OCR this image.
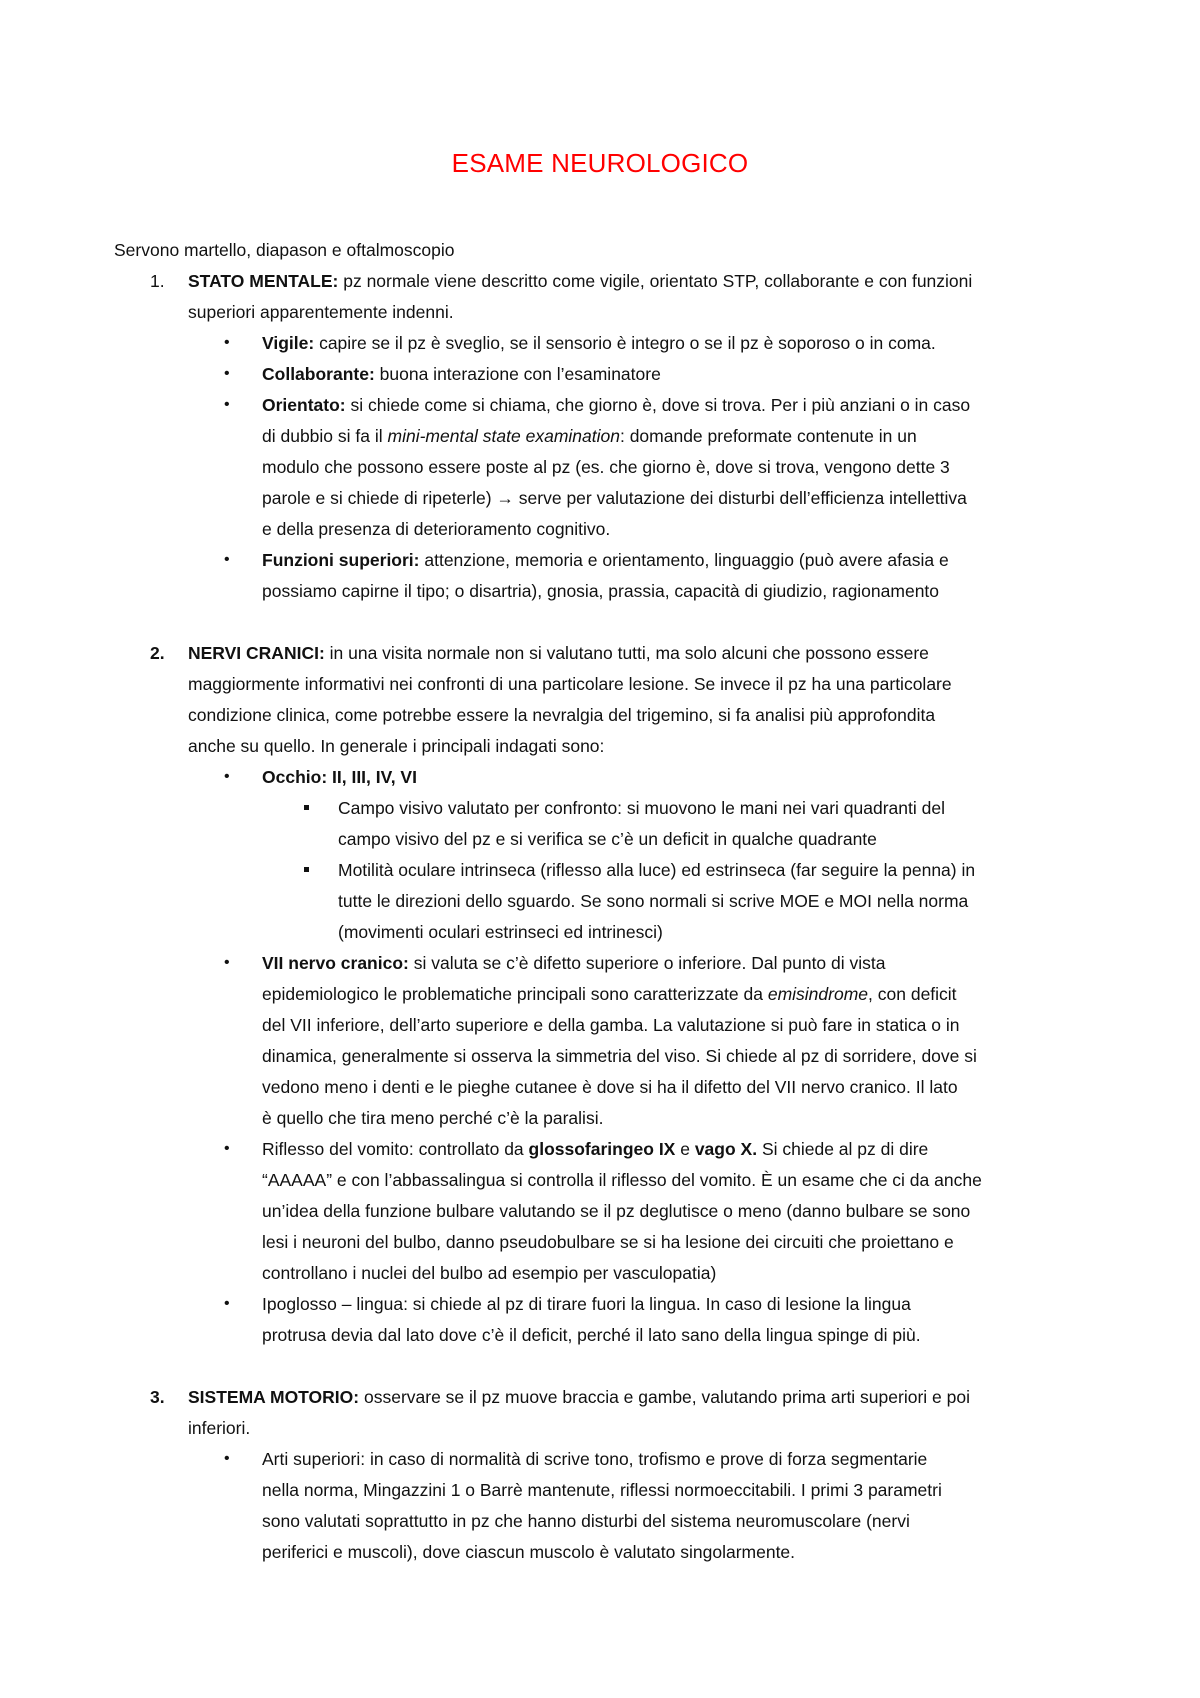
ESAME NEUROLOGICO
Servono martello, diapason e oftalmoscopio
1. STATO MENTALE: pz normale viene descritto come vigile, orientato STP, collaborante e con funzioni
superiori apparentemente indenni.
• Vigile: capire se il pz è sveglio, se il sensorio è integro o se il pz è soporoso o in coma.
• Collaborante: buona interazione con l’esaminatore
• Orientato: si chiede come si chiama, che giorno è, dove si trova. Per i più anziani o in caso
di dubbio si fa il mini-mental state examination: domande preformate contenute in un
modulo che possono essere poste al pz (es. che giorno è, dove si trova, vengono dette 3
parole e si chiede di ripeterle) → serve per valutazione dei disturbi dell’efficienza intellettiva
e della presenza di deterioramento cognitivo.
• Funzioni superiori: attenzione, memoria e orientamento, linguaggio (può avere afasia e
possiamo capirne il tipo; o disartria), gnosia, prassia, capacità di giudizio, ragionamento
2. NERVI CRANICI: in una visita normale non si valutano tutti, ma solo alcuni che possono essere
maggiormente informativi nei confronti di una particolare lesione. Se invece il pz ha una particolare
condizione clinica, come potrebbe essere la nevralgia del trigemino, si fa analisi più approfondita
anche su quello. In generale i principali indagati sono:
• Occhio: II, III, IV, VI
Campo visivo valutato per confronto: si muovono le mani nei vari quadranti del
campo visivo del pz e si verifica se c’è un deficit in qualche quadrante
Motilità oculare intrinseca (riflesso alla luce) ed estrinseca (far seguire la penna) in
tutte le direzioni dello sguardo. Se sono normali si scrive MOE e MOI nella norma
(movimenti oculari estrinseci ed intrinesci)
• VII nervo cranico: si valuta se c’è difetto superiore o inferiore. Dal punto di vista
epidemiologico le problematiche principali sono caratterizzate da emisindrome, con deficit
del VII inferiore, dell’arto superiore e della gamba. La valutazione si può fare in statica o in
dinamica, generalmente si osserva la simmetria del viso. Si chiede al pz di sorridere, dove si
vedono meno i denti e le pieghe cutanee è dove si ha il difetto del VII nervo cranico. Il lato
è quello che tira meno perché c’è la paralisi.
• Riflesso del vomito: controllato da glossofaringeo IX e vago X. Si chiede al pz di dire
“AAAAA” e con l’abbassalingua si controlla il riflesso del vomito. È un esame che ci da anche
un’idea della funzione bulbare valutando se il pz deglutisce o meno (danno bulbare se sono
lesi i neuroni del bulbo, danno pseudobulbare se si ha lesione dei circuiti che proiettano e
controllano i nuclei del bulbo ad esempio per vasculopatia)
• Ipoglosso – lingua: si chiede al pz di tirare fuori la lingua. In caso di lesione la lingua
protrusa devia dal lato dove c’è il deficit, perché il lato sano della lingua spinge di più.
3. SISTEMA MOTORIO: osservare se il pz muove braccia e gambe, valutando prima arti superiori e poi
inferiori.
• Arti superiori: in caso di normalità di scrive tono, trofismo e prove di forza segmentarie
nella norma, Mingazzini 1 o Barrè mantenute, riflessi normoeccitabili. I primi 3 parametri
sono valutati soprattutto in pz che hanno disturbi del sistema neuromuscolare (nervi
periferici e muscoli), dove ciascun muscolo è valutato singolarmente.
